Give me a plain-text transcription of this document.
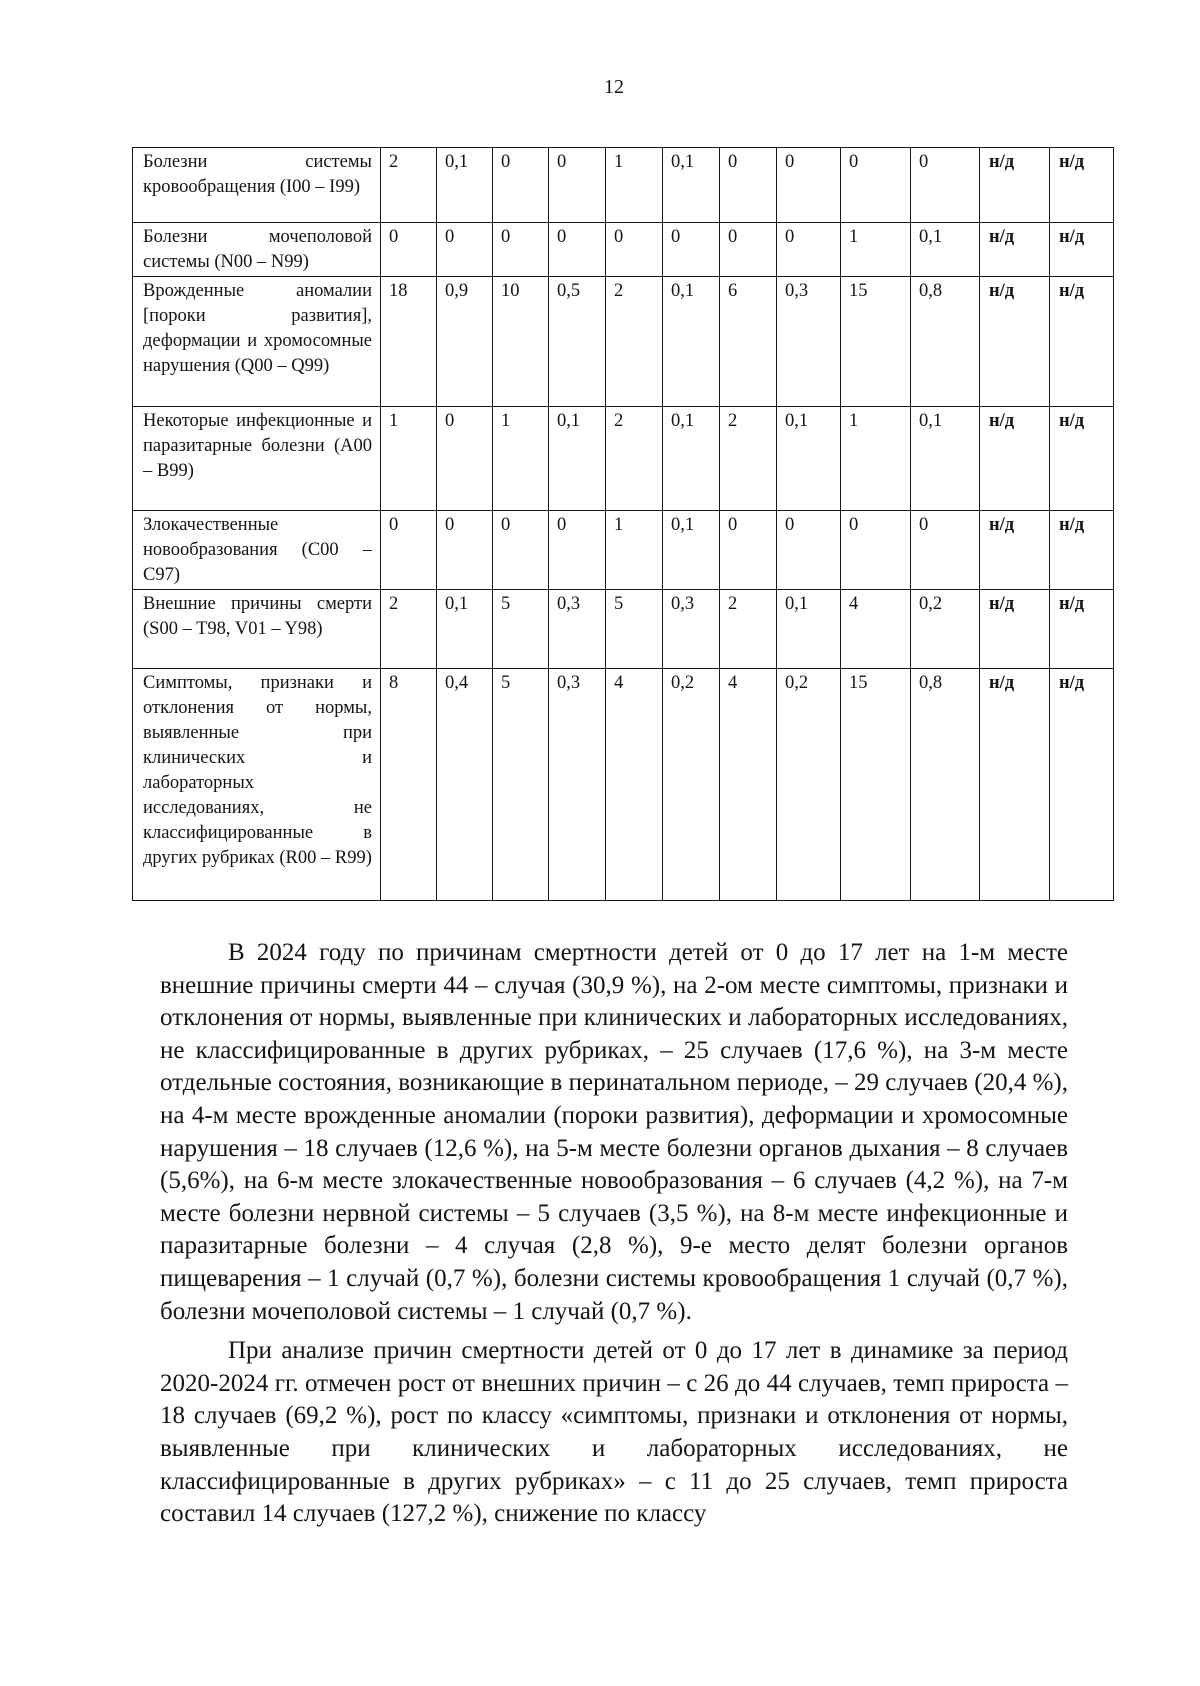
12
Болезни системы кровообращения (I00 – I99)	2	0,1	0	0	1	0,1	0	0	0	0	н/д	н/д
Болезни мочеполовой системы (N00 – N99)	0	0	0	0	0	0	0	0	1	0,1	н/д	н/д
Врожденные аномалии [пороки развития], деформации и хромосомные нарушения (Q00 – Q99)	18	0,9	10	0,5	2	0,1	6	0,3	15	0,8	н/д	н/д
Некоторые инфекционные и паразитарные болезни (A00 – B99)	1	0	1	0,1	2	0,1	2	0,1	1	0,1	н/д	н/д
Злокачественные новообразования (C00 – C97)	0	0	0	0	1	0,1	0	0	0	0	н/д	н/д
Внешние причины смерти (S00 – T98, V01 – Y98)	2	0,1	5	0,3	5	0,3	2	0,1	4	0,2	н/д	н/д
Симптомы, признаки и отклонения от нормы, выявленные при клинических и лабораторных исследованиях, не классифицированные в других рубриках (R00 – R99)	8	0,4	5	0,3	4	0,2	4	0,2	15	0,8	н/д	н/д

В 2024 году по причинам смертности детей от 0 до 17 лет на 1-м месте внешние причины смерти 44 – случая (30,9 %), на 2-ом месте симптомы, признаки и отклонения от нормы, выявленные при клинических и лабораторных исследованиях, не классифицированные в других рубриках, – 25 случаев (17,6 %), на 3-м месте отдельные состояния, возникающие в перинатальном периоде, – 29 случаев (20,4 %), на 4-м месте врожденные аномалии (пороки развития), деформации и хромосомные нарушения – 18 случаев (12,6 %), на 5-м месте болезни органов дыхания – 8 случаев (5,6%), на 6-м месте злокачественные новообразования – 6 случаев (4,2 %), на 7-м месте болезни нервной системы – 5 случаев (3,5 %), на 8-м месте инфекционные и паразитарные болезни – 4 случая (2,8 %), 9-е место делят болезни органов пищеварения – 1 случай (0,7 %), болезни системы кровообращения 1 случай (0,7 %), болезни мочеполовой системы – 1 случай (0,7 %).

При анализе причин смертности детей от 0 до 17 лет в динамике за период 2020-2024 гг. отмечен рост от внешних причин – с 26 до 44 случаев, темп прироста – 18 случаев (69,2 %), рост по классу «симптомы, признаки и отклонения от нормы, выявленные при клинических и лабораторных исследованиях, не классифицированные в других рубриках» – с 11 до 25 случаев, темп прироста составил 14 случаев (127,2 %), снижение по классу
